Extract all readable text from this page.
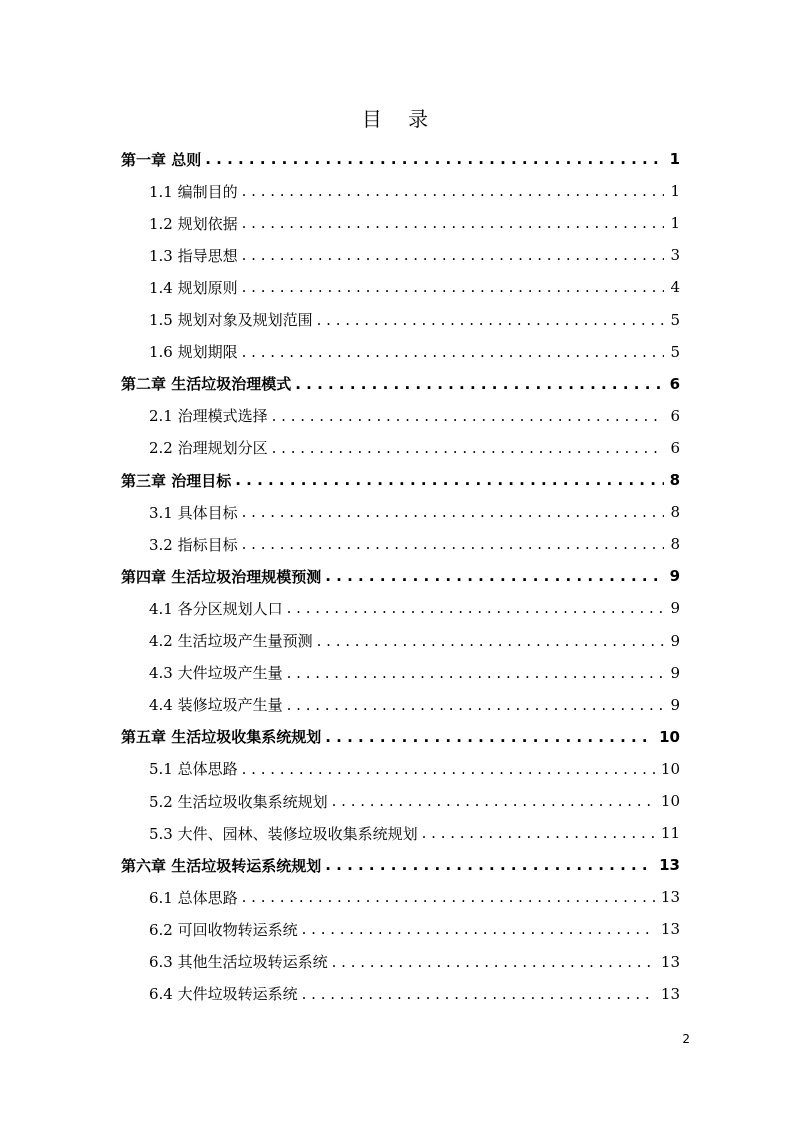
目 录
第一章 总则 . . .	1
1.1 编制目的 . . .	1
1.2 规划依据 . . .	1
1.3 指导思想 . . .	3
1.4 规划原则 . . .	4
1.5 规划对象及规划范围 . . .	5
1.6 规划期限 . . .	5
第二章 生活垃圾治理模式 . . .	6
2.1 治理模式选择 . . .	6
2.2 治理规划分区 . . .	6
第三章 治理目标 . . .	8
3.1 具体目标 . . .	8
3.2 指标目标 . . .	8
第四章 生活垃圾治理规模预测 . . .	9
4.1 各分区规划人口 . . .	9
4.2 生活垃圾产生量预测 . . .	9
4.3 大件垃圾产生量 . . .	9
4.4 装修垃圾产生量 . . .	9
第五章 生活垃圾收集系统规划 . . .	10
5.1 总体思路 . . .	10
5.2 生活垃圾收集系统规划 . . .	10
5.3 大件、园林、装修垃圾收集系统规划 . . .	11
第六章 生活垃圾转运系统规划 . . .	13
6.1 总体思路 . . .	13
6.2 可回收物转运系统 . . .	13
6.3 其他生活垃圾转运系统 . . .	13
6.4 大件垃圾转运系统 . . .	13
2
